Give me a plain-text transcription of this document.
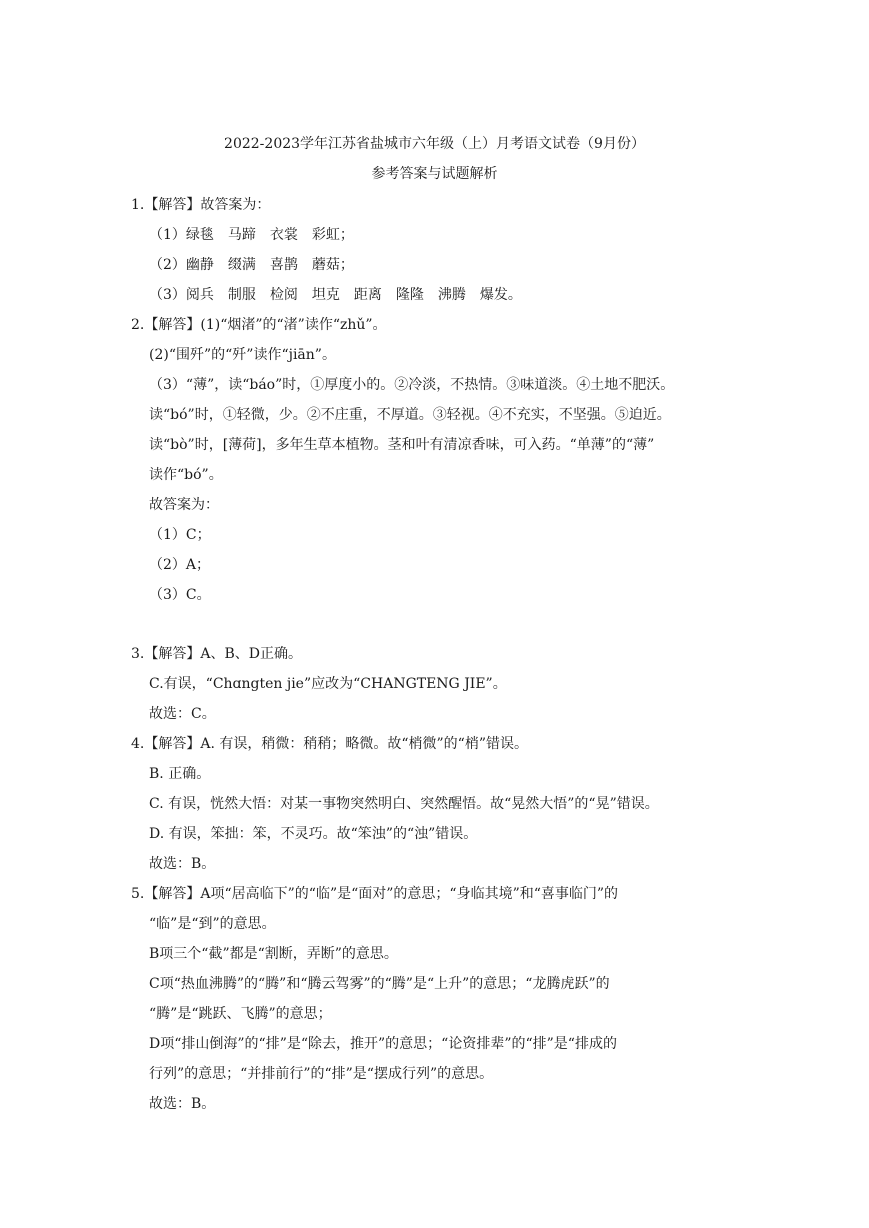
2022-2023学年江苏省盐城市六年级（上）月考语文试卷（9月份）
参考答案与试题解析
1.【解答】故答案为：
（1）绿毯　马蹄　衣裳　彩虹；
（2）幽静　缀满　喜鹊　蘑菇；
（3）阅兵　制服　检阅　坦克　距离　隆隆　沸腾　爆发。
2.【解答】(1)“烟渚”的“渚”读作“zhǔ”。
(2)“围歼”的“歼”读作“jiān”。
（3）“薄”，读“báo”时，①厚度小的。②冷淡，不热情。③味道淡。④土地不肥沃。
读“bó”时，①轻微，少。②不庄重，不厚道。③轻视。④不充实，不坚强。⑤迫近。
读“bò”时，[薄荷]，多年生草本植物。茎和叶有清凉香味，可入药。“单薄”的“薄”
读作“bó”。
故答案为：
（1）C；
（2）A；
（3）C。
3.【解答】A、B、D正确。
C.有误，“Chɑngten jie”应改为“CHANGTENG JIE”。
故选：C。
4.【解答】A. 有误，稍微：稍稍；略微。故“梢微”的“梢”错误。
B. 正确。
C. 有误，恍然大悟：对某一事物突然明白、突然醒悟。故“晃然大悟”的“晃”错误。
D. 有误，笨拙：笨，不灵巧。故“笨浊”的“浊”错误。
故选：B。
5.【解答】A项“居高临下”的“临”是“面对”的意思；“身临其境”和“喜事临门”的
“临”是“到”的意思。
B项三个“截”都是“割断，弄断”的意思。
C项“热血沸腾”的“腾”和“腾云驾雾”的“腾”是“上升”的意思；“龙腾虎跃”的
“腾”是“跳跃、飞腾”的意思；
D项“排山倒海”的“排”是“除去，推开”的意思；“论资排辈”的“排”是“排成的
行列”的意思；“并排前行”的“排”是“摆成行列”的意思。
故选：B。
